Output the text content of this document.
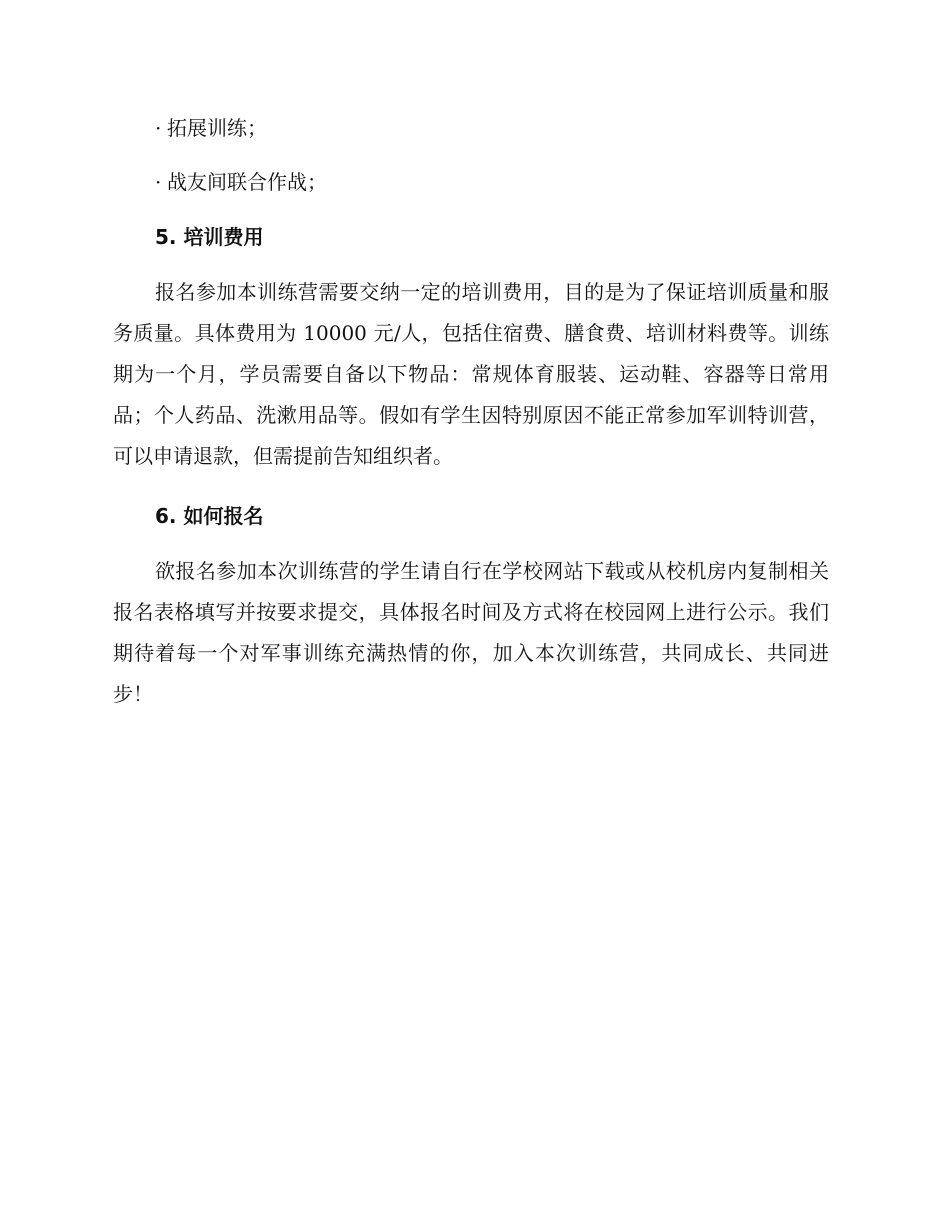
· 拓展训练；
· 战友间联合作战；
5. 培训费用
报名参加本训练营需要交纳一定的培训费用，目的是为了保证培训质量和服务质量。具体费用为 10000 元/人，包括住宿费、膳食费、培训材料费等。训练期为一个月，学员需要自备以下物品：常规体育服装、运动鞋、容器等日常用品；个人药品、洗漱用品等。假如有学生因特别原因不能正常参加军训特训营，可以申请退款，但需提前告知组织者。
6. 如何报名
欲报名参加本次训练营的学生请自行在学校网站下载或从校机房内复制相关报名表格填写并按要求提交，具体报名时间及方式将在校园网上进行公示。我们期待着每一个对军事训练充满热情的你，加入本次训练营，共同成长、共同进步！
